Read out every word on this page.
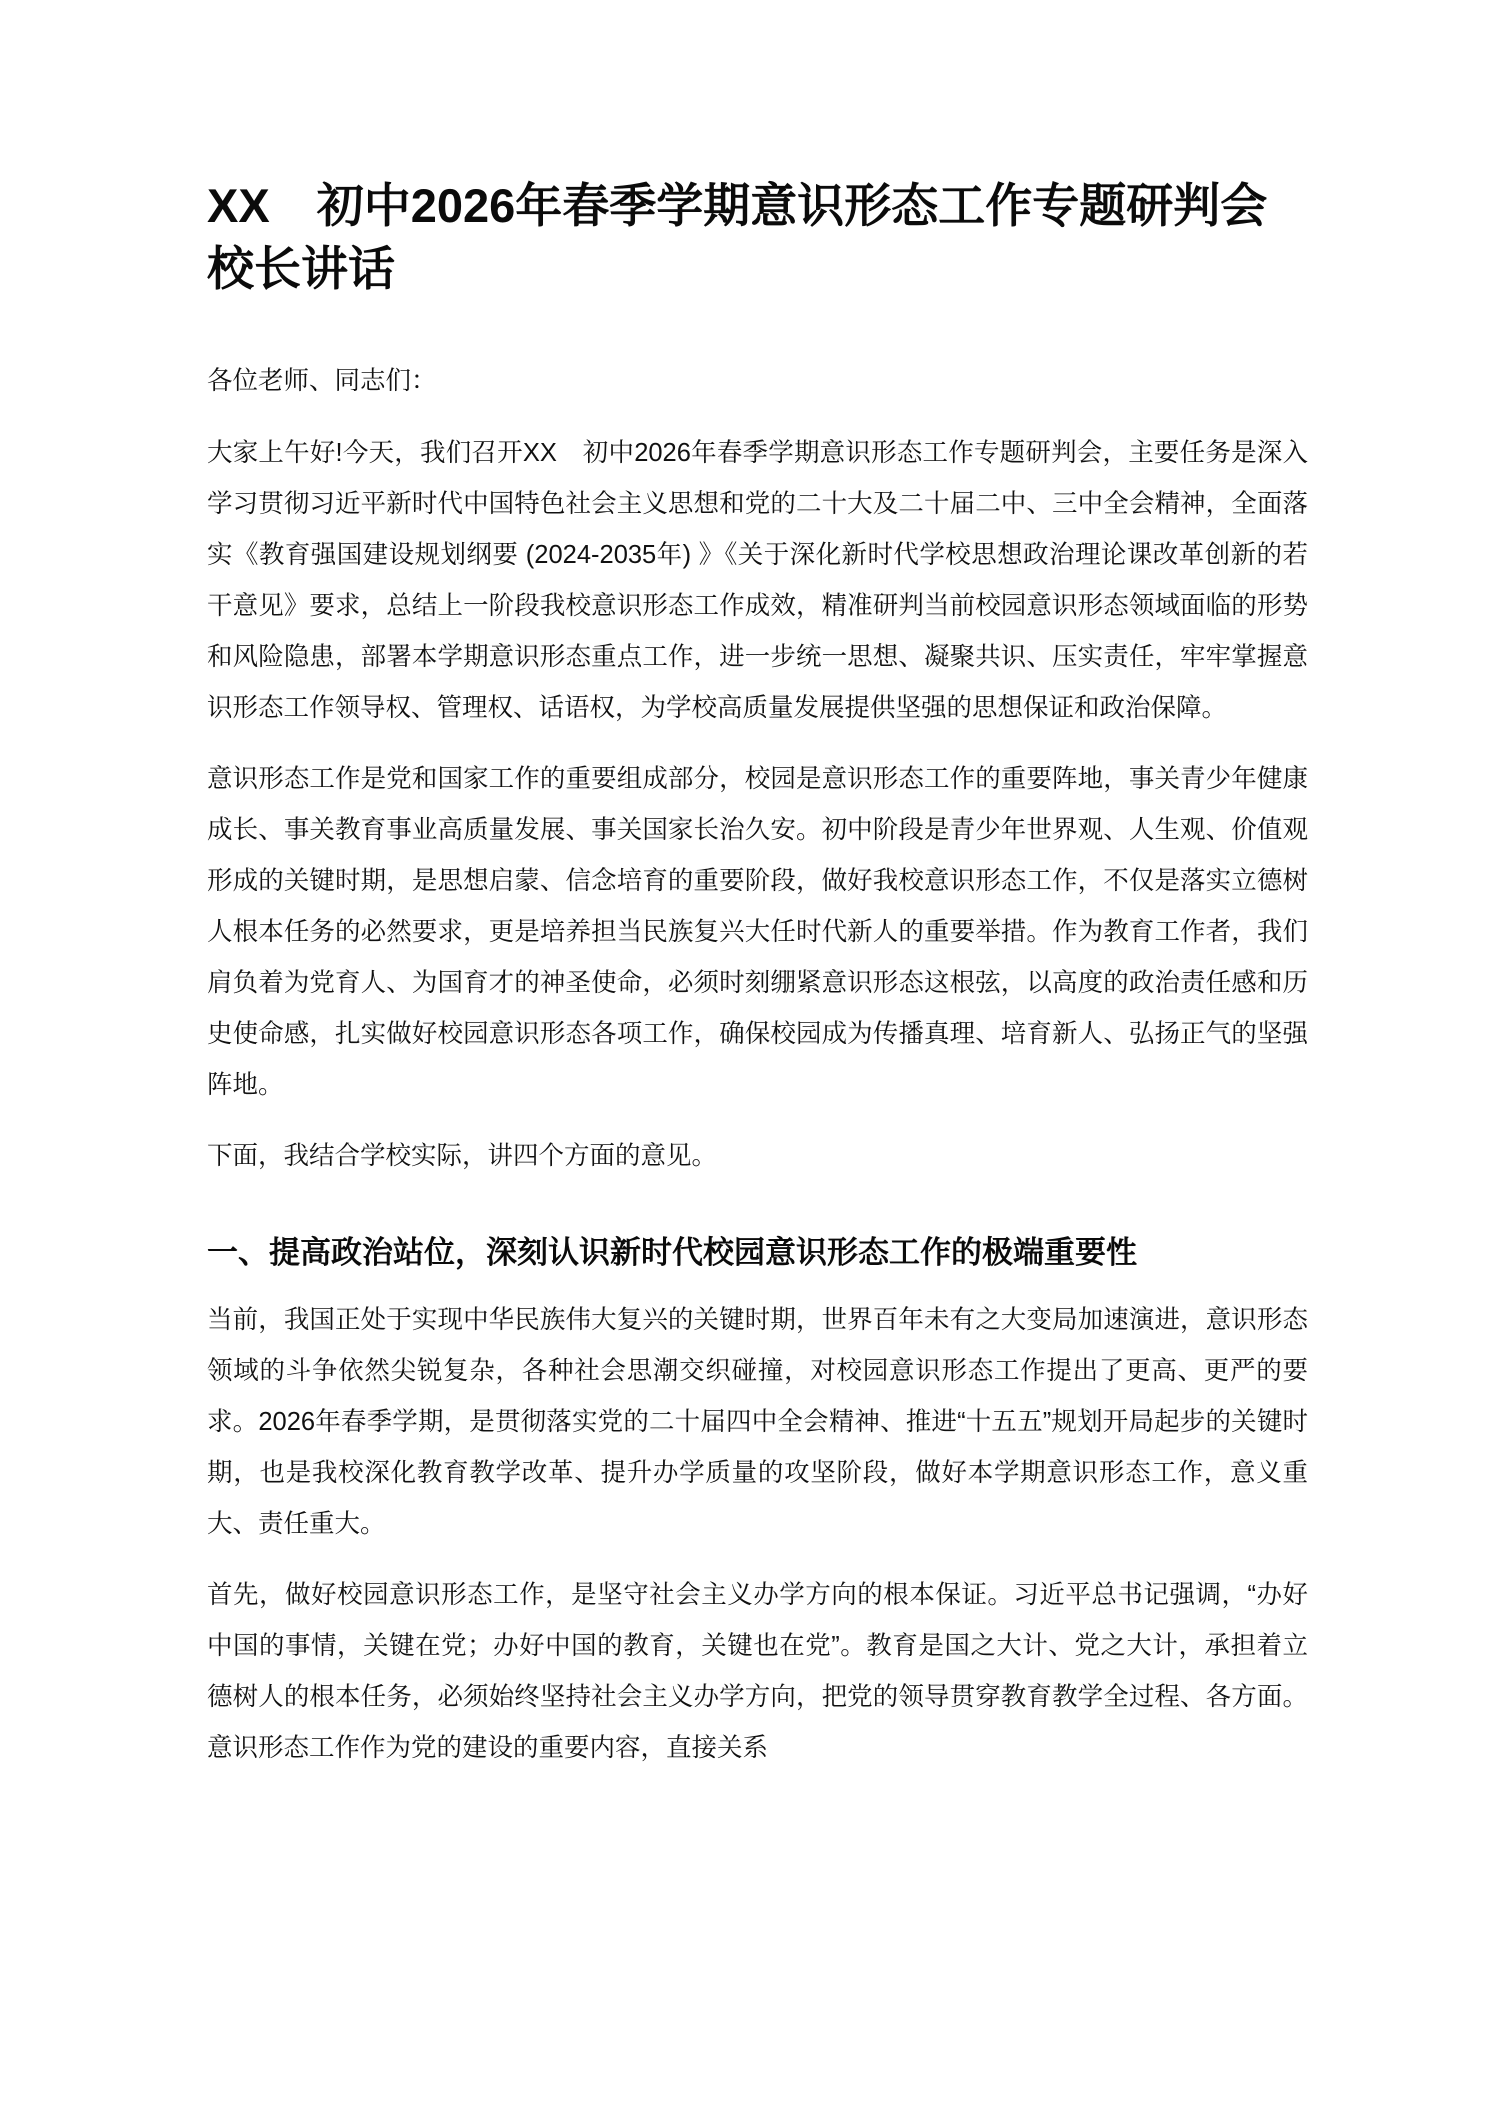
XX　初中2026年春季学期意识形态工作专题研判会校长讲话

各位老师、同志们：

大家上午好!今天，我们召开XX　初中2026年春季学期意识形态工作专题研判会，主要任务是深入学习贯彻习近平新时代中国特色社会主义思想和党的二十大及二十届二中、三中全会精神，全面落实《教育强国建设规划纲要 (2024-2035年) 》《关于深化新时代学校思想政治理论课改革创新的若干意见》要求，总结上一阶段我校意识形态工作成效，精准研判当前校园意识形态领域面临的形势和风险隐患，部署本学期意识形态重点工作，进一步统一思想、凝聚共识、压实责任，牢牢掌握意识形态工作领导权、管理权、话语权，为学校高质量发展提供坚强的思想保证和政治保障。

意识形态工作是党和国家工作的重要组成部分，校园是意识形态工作的重要阵地，事关青少年健康成长、事关教育事业高质量发展、事关国家长治久安。初中阶段是青少年世界观、人生观、价值观形成的关键时期，是思想启蒙、信念培育的重要阶段，做好我校意识形态工作，不仅是落实立德树人根本任务的必然要求，更是培养担当民族复兴大任时代新人的重要举措。作为教育工作者，我们肩负着为党育人、为国育才的神圣使命，必须时刻绷紧意识形态这根弦，以高度的政治责任感和历史使命感，扎实做好校园意识形态各项工作，确保校园成为传播真理、培育新人、弘扬正气的坚强阵地。

下面，我结合学校实际，讲四个方面的意见。

一、提高政治站位，深刻认识新时代校园意识形态工作的极端重要性

当前，我国正处于实现中华民族伟大复兴的关键时期，世界百年未有之大变局加速演进，意识形态领域的斗争依然尖锐复杂，各种社会思潮交织碰撞，对校园意识形态工作提出了更高、更严的要求。2026年春季学期，是贯彻落实党的二十届四中全会精神、推进“十五五”规划开局起步的关键时期，也是我校深化教育教学改革、提升办学质量的攻坚阶段，做好本学期意识形态工作，意义重大、责任重大。

首先，做好校园意识形态工作，是坚守社会主义办学方向的根本保证。习近平总书记强调，“办好中国的事情，关键在党；办好中国的教育，关键也在党”。教育是国之大计、党之大计，承担着立德树人的根本任务，必须始终坚持社会主义办学方向，把党的领导贯穿教育教学全过程、各方面。意识形态工作作为党的建设的重要内容，直接关系
